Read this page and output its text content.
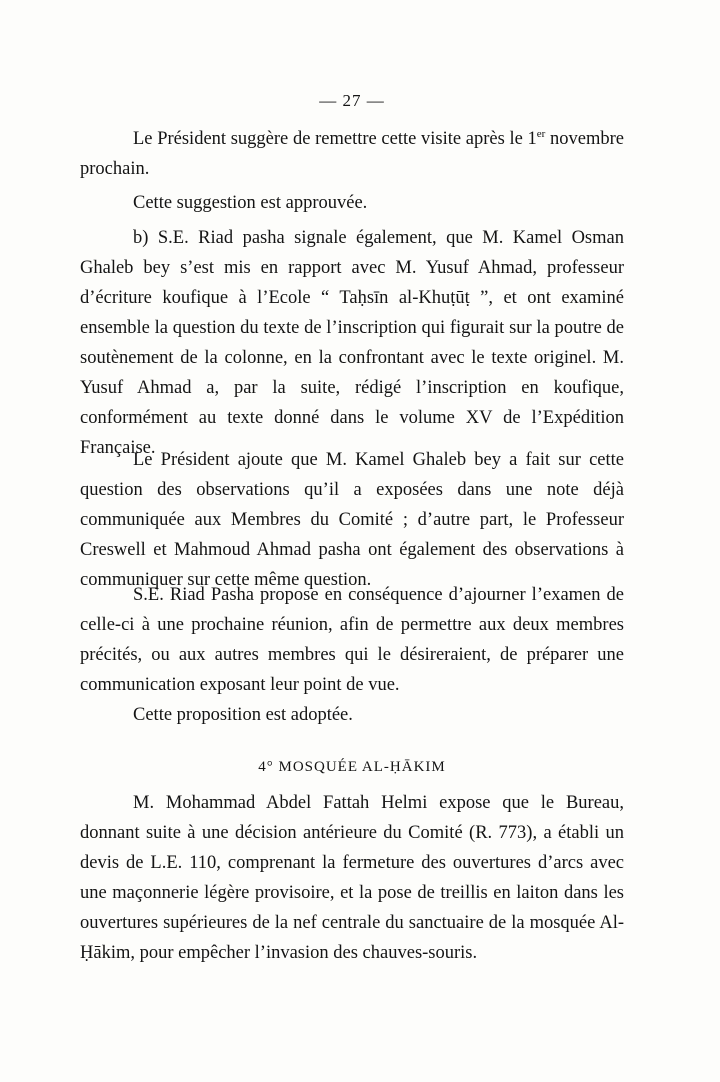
— 27 —

Le Président suggère de remettre cette visite après le 1er novembre prochain.

Cette suggestion est approuvée.

b) S.E. Riad pasha signale également, que M. Kamel Osman Ghaleb bey s’est mis en rapport avec M. Yusuf Ahmad, professeur d’écriture koufique à l’Ecole “ Taḥsīn al-Khuṭūṭ ”, et ont examiné ensemble la question du texte de l’inscription qui figurait sur la poutre de soutènement de la colonne, en la confrontant avec le texte originel. M. Yusuf Ahmad a, par la suite, rédigé l’inscription en koufique, conformément au texte donné dans le volume XV de l’Expédition Française.

Le Président ajoute que M. Kamel Ghaleb bey a fait sur cette question des observations qu’il a exposées dans une note déjà communiquée aux Membres du Comité ; d’autre part, le Professeur Creswell et Mahmoud Ahmad pasha ont également des observations à communiquer sur cette même question.

S.E. Riad Pasha propose en conséquence d’ajourner l’examen de celle-ci à une prochaine réunion, afin de permettre aux deux membres précités, ou aux autres membres qui le désireraient, de préparer une communication exposant leur point de vue.

Cette proposition est adoptée.

4° MOSQUÉE AL-ḤĀKIM

M. Mohammad Abdel Fattah Helmi expose que le Bureau, donnant suite à une décision antérieure du Comité (R. 773), a établi un devis de L.E. 110, comprenant la fermeture des ouvertures d’arcs avec une maçonnerie légère provisoire, et la pose de treillis en laiton dans les ouvertures supérieures de la nef centrale du sanctuaire de la mosquée Al-Ḥākim, pour empêcher l’invasion des chauves-souris.
